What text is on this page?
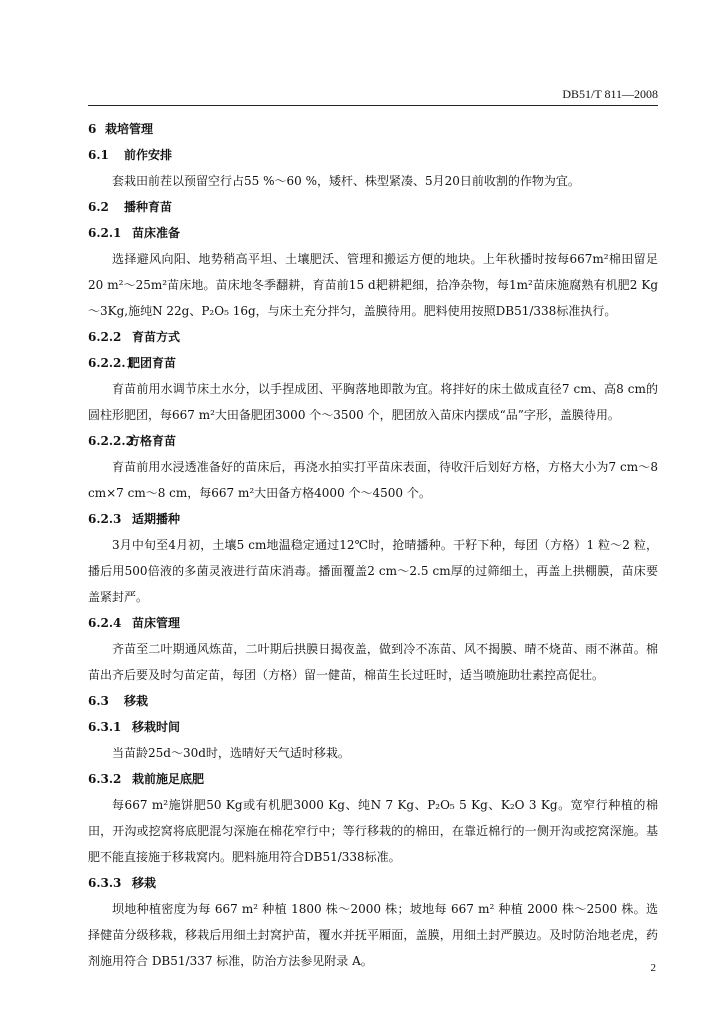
DB51/T 811—2008
6 栽培管理
6.1 前作安排

套栽田前茬以预留空行占55 %～60 %，矮杆、株型紧凑、5月20日前收割的作物为宜。

6.2 播种育苗
6.2.1 苗床准备

选择避风向阳、地势稍高平坦、土壤肥沃、管理和搬运方便的地块。上年秋播时按每667m²棉田留足20 m²～25m²苗床地。苗床地冬季翻耕，育苗前15 d耙耕耙细，拾净杂物，每1m²苗床施腐熟有机肥2 Kg～3Kg,施纯N 22g、P₂O₅ 16g，与床土充分拌匀，盖膜待用。肥料使用按照DB51/338标准执行。

6.2.2 育苗方式
6.2.2.1肥团育苗

育苗前用水调节床土水分，以手捏成团、平胸落地即散为宜。将拌好的床土做成直径7 cm、高8 cm的圆柱形肥团，每667 m²大田备肥团3000 个～3500 个，肥团放入苗床内摆成“品”字形，盖膜待用。

6.2.2.2方格育苗

育苗前用水浸透准备好的苗床后，再浇水拍实打平苗床表面，待收汗后划好方格，方格大小为7 cm～8 cm×7 cm～8 cm，每667 m²大田备方格4000 个～4500 个。

6.2.3 适期播种

3月中旬至4月初，土壤5 cm地温稳定通过12℃时，抢晴播种。干籽下种，每团（方格）1 粒～2 粒，播后用500倍液的多菌灵液进行苗床消毒。播面覆盖2 cm～2.5 cm厚的过筛细土，再盖上拱棚膜，苗床要盖紧封严。

6.2.4 苗床管理

齐苗至二叶期通风炼苗，二叶期后拱膜日揭夜盖，做到冷不冻苗、风不揭膜、晴不烧苗、雨不淋苗。棉苗出齐后要及时匀苗定苗，每团（方格）留一健苗，棉苗生长过旺时，适当喷施助壮素控高促壮。

6.3 移栽
6.3.1 移栽时间

当苗龄25d～30d时，选晴好天气适时移栽。

6.3.2 栽前施足底肥

每667 m²施饼肥50 Kg或有机肥3000 Kg、纯N 7 Kg、P₂O₅ 5 Kg、K₂O 3 Kg。宽窄行种植的棉田，开沟或挖窝将底肥混匀深施在棉花窄行中；等行移栽的的棉田，在靠近棉行的一侧开沟或挖窝深施。基肥不能直接施于移栽窝内。肥料施用符合DB51/338标准。

6.3.3 移栽

坝地种植密度为每 667 m² 种植 1800 株～2000 株；坡地每 667 m² 种植 2000 株～2500 株。选择健苗分级移栽，移栽后用细土封窝护苗，覆水并抚平厢面，盖膜，用细土封严膜边。及时防治地老虎，药剂施用符合 DB51/337 标准，防治方法参见附录 A。	2
